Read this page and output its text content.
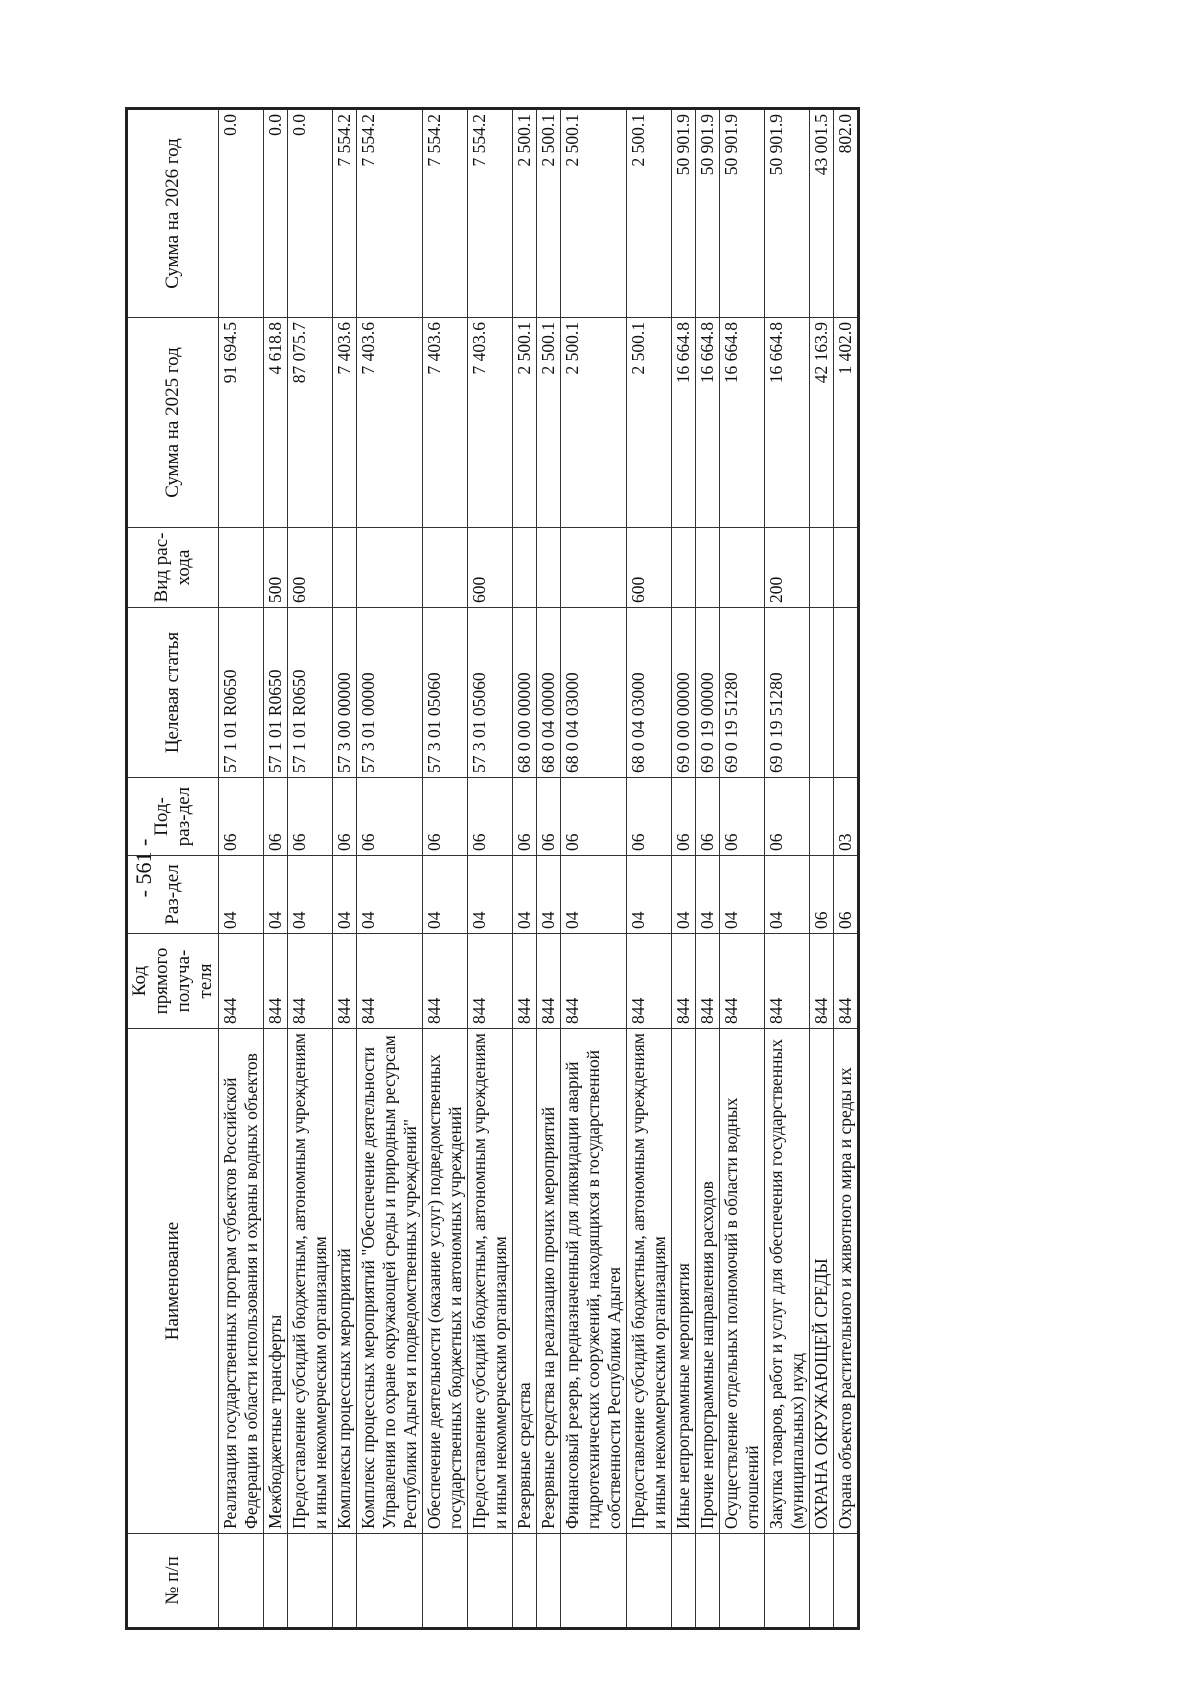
- 561 -
№ п/п	Наименование	Код прямого получа-теля	Раз-дел	Под-раз-дел	Целевая статья	Вид рас-хода	Сумма на 2025 год	Сумма на 2026 год
	Реализация государственных програм субъектов Российской Федерации в области использования и охраны водных объектов	844	04	06	57 1 01 R0650		91 694.5	0.0
	Межбюджетные трансферты	844	04	06	57 1 01 R0650	500	4 618.8	0.0
	Предоставление субсидий бюджетным, автономным учреждениям и иным некоммерческим организациям	844	04	06	57 1 01 R0650	600	87 075.7	0.0
	Комплексы процессных мероприятий	844	04	06	57 3 00 00000		7 403.6	7 554.2
	Комплекс процессных мероприятий "Обеспечение деятельности Управления по охране окружающей среды и природным ресурсам Республики Адыгея и подведомственных учреждений"	844	04	06	57 3 01 00000		7 403.6	7 554.2
	Обеспечение деятельности (оказание услуг) подведомственных государственных бюджетных и автономных учреждений	844	04	06	57 3 01 05060		7 403.6	7 554.2
	Предоставление субсидий бюджетным, автономным учреждениям и иным некоммерческим организациям	844	04	06	57 3 01 05060	600	7 403.6	7 554.2
	Резервные средства	844	04	06	68 0 00 00000		2 500.1	2 500.1
	Резервные средства на реализацию прочих мероприятий	844	04	06	68 0 04 00000		2 500.1	2 500.1
	Финансовый резерв, предназначенный для ликвидации аварий гидротехнических сооружений, находящихся в государственной собственности Республики Адыгея	844	04	06	68 0 04 03000		2 500.1	2 500.1
	Предоставление субсидий бюджетным, автономным учреждениям и иным некоммерческим организациям	844	04	06	68 0 04 03000	600	2 500.1	2 500.1
	Иные непрограммные мероприятия	844	04	06	69 0 00 00000		16 664.8	50 901.9
	Прочие непрограммные направления расходов	844	04	06	69 0 19 00000		16 664.8	50 901.9
	Осуществление отдельных полномочий в области водных отношений	844	04	06	69 0 19 51280		16 664.8	50 901.9
	Закупка товаров, работ и услуг для обеспечения государственных (муниципальных) нужд	844	04	06	69 0 19 51280	200	16 664.8	50 901.9
	ОХРАНА ОКРУЖАЮЩЕЙ СРЕДЫ	844	06				42 163.9	43 001.5
	Охрана объектов растительного и животного мира и среды их	844	06	03			1 402.0	802.0
